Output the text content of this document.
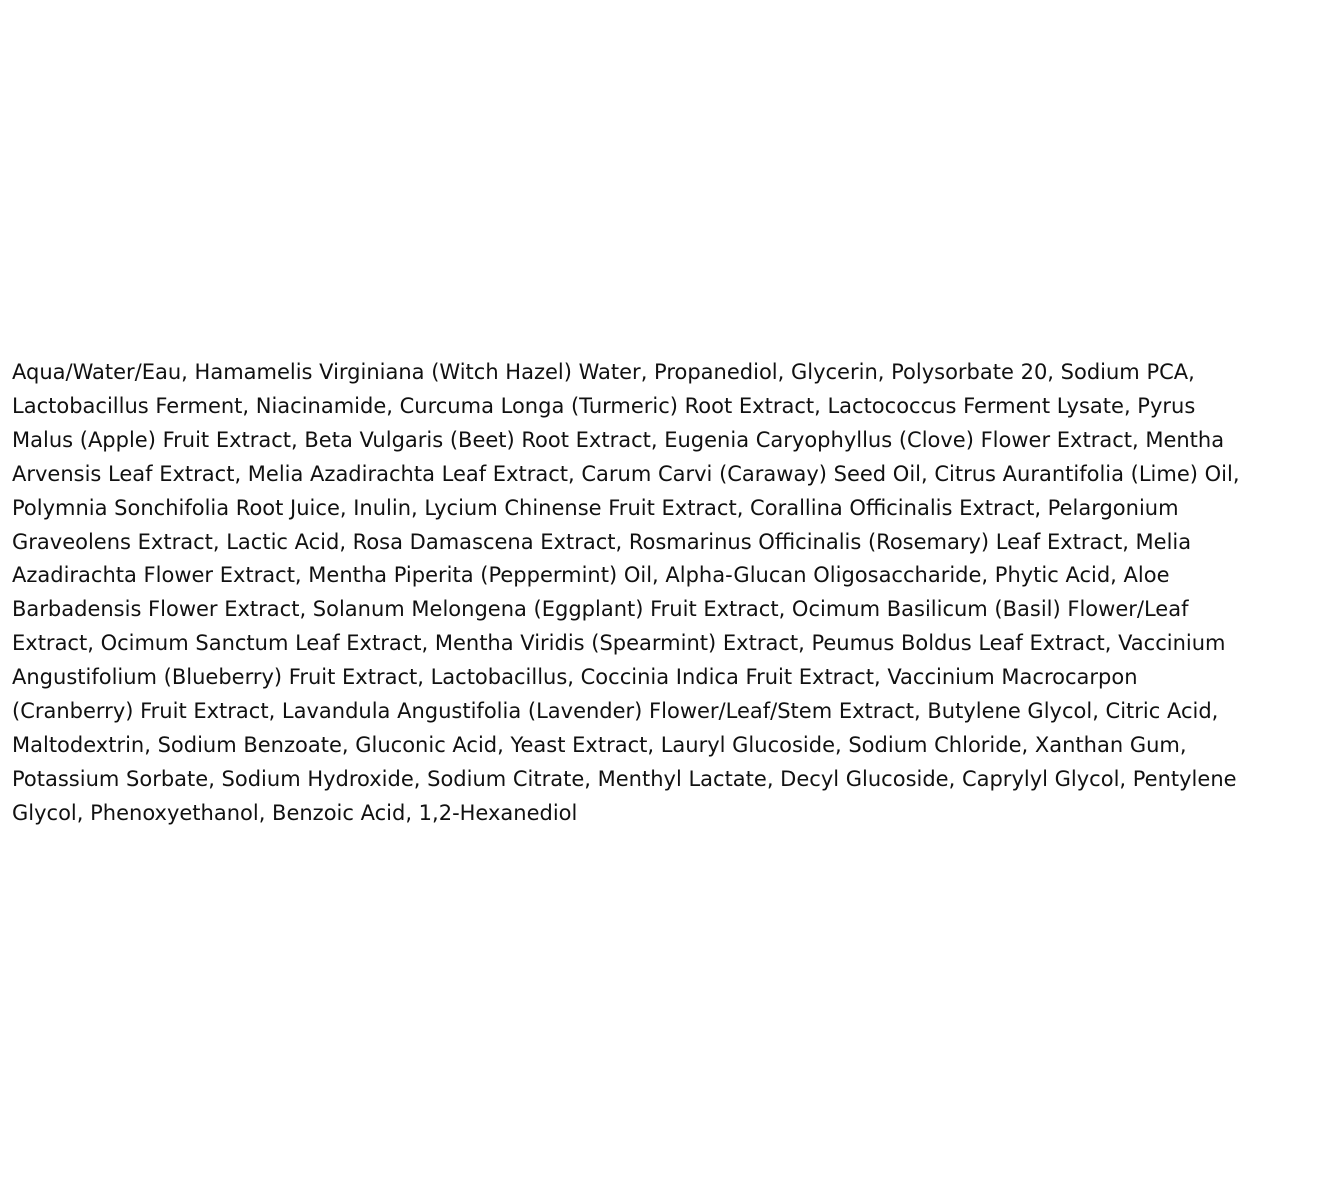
Aqua/Water/Eau, Hamamelis Virginiana (Witch Hazel) Water, Propanediol, Glycerin, Polysorbate 20, Sodium PCA,
Lactobacillus Ferment, Niacinamide, Curcuma Longa (Turmeric) Root Extract, Lactococcus Ferment Lysate, Pyrus
Malus (Apple) Fruit Extract, Beta Vulgaris (Beet) Root Extract, Eugenia Caryophyllus (Clove) Flower Extract, Mentha
Arvensis Leaf Extract, Melia Azadirachta Leaf Extract, Carum Carvi (Caraway) Seed Oil, Citrus Aurantifolia (Lime) Oil,
Polymnia Sonchifolia Root Juice, Inulin, Lycium Chinense Fruit Extract, Corallina Officinalis Extract, Pelargonium
Graveolens Extract, Lactic Acid, Rosa Damascena Extract, Rosmarinus Officinalis (Rosemary) Leaf Extract, Melia
Azadirachta Flower Extract, Mentha Piperita (Peppermint) Oil, Alpha-Glucan Oligosaccharide, Phytic Acid, Aloe
Barbadensis Flower Extract, Solanum Melongena (Eggplant) Fruit Extract, Ocimum Basilicum (Basil) Flower/Leaf
Extract, Ocimum Sanctum Leaf Extract, Mentha Viridis (Spearmint) Extract, Peumus Boldus Leaf Extract, Vaccinium
Angustifolium (Blueberry) Fruit Extract, Lactobacillus, Coccinia Indica Fruit Extract, Vaccinium Macrocarpon
(Cranberry) Fruit Extract, Lavandula Angustifolia (Lavender) Flower/Leaf/Stem Extract, Butylene Glycol, Citric Acid,
Maltodextrin, Sodium Benzoate, Gluconic Acid, Yeast Extract, Lauryl Glucoside, Sodium Chloride, Xanthan Gum,
Potassium Sorbate, Sodium Hydroxide, Sodium Citrate, Menthyl Lactate, Decyl Glucoside, Caprylyl Glycol, Pentylene
Glycol, Phenoxyethanol, Benzoic Acid, 1,2-Hexanediol
